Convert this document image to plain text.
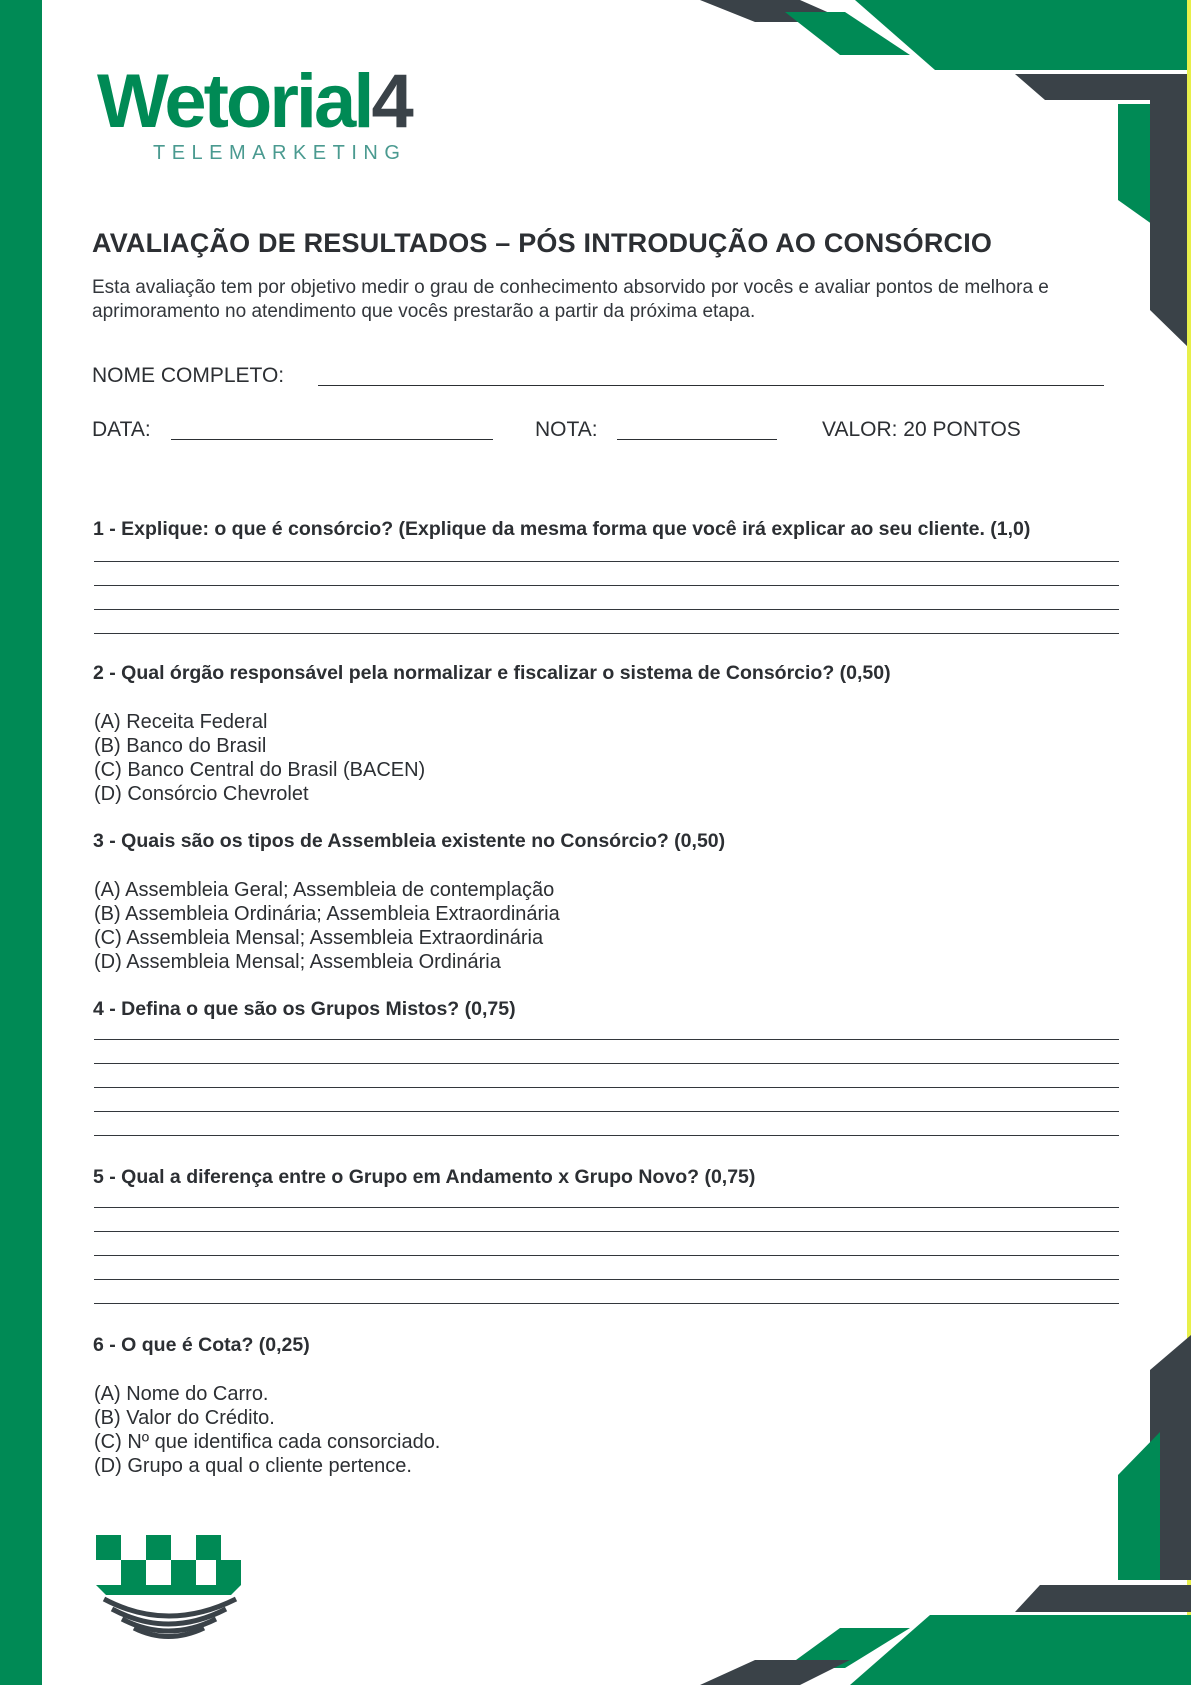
Wetorial4
TELEMARKETING
AVALIAÇÃO DE RESULTADOS – PÓS INTRODUÇÃO AO CONSÓRCIO

Esta avaliação tem por objetivo medir o grau de conhecimento absorvido por vocês e avaliar pontos de melhora e aprimoramento no atendimento que vocês prestarão a partir da próxima etapa.

NOME COMPLETO:
DATA:	NOTA:	VALOR: 20 PONTOS
1 - Explique: o que é consórcio? (Explique da mesma forma que você irá explicar ao seu cliente. (1,0)
2 - Qual órgão responsável pela normalizar e fiscalizar o sistema de Consórcio? (0,50)
(A) Receita Federal
(B) Banco do Brasil
(C) Banco Central do Brasil (BACEN)
(D) Consórcio Chevrolet
3 - Quais são os tipos de Assembleia existente no Consórcio? (0,50)
(A) Assembleia Geral; Assembleia de contemplação
(B) Assembleia Ordinária; Assembleia Extraordinária
(C) Assembleia Mensal; Assembleia Extraordinária
(D) Assembleia Mensal; Assembleia Ordinária
4 - Defina o que são os Grupos Mistos? (0,75)
5 - Qual a diferença entre o Grupo em Andamento x Grupo Novo? (0,75)
6 - O que é Cota? (0,25)
(A) Nome do Carro.
(B) Valor do Crédito.
(C) Nº que identifica cada consorciado.
(D) Grupo a qual o cliente pertence.
